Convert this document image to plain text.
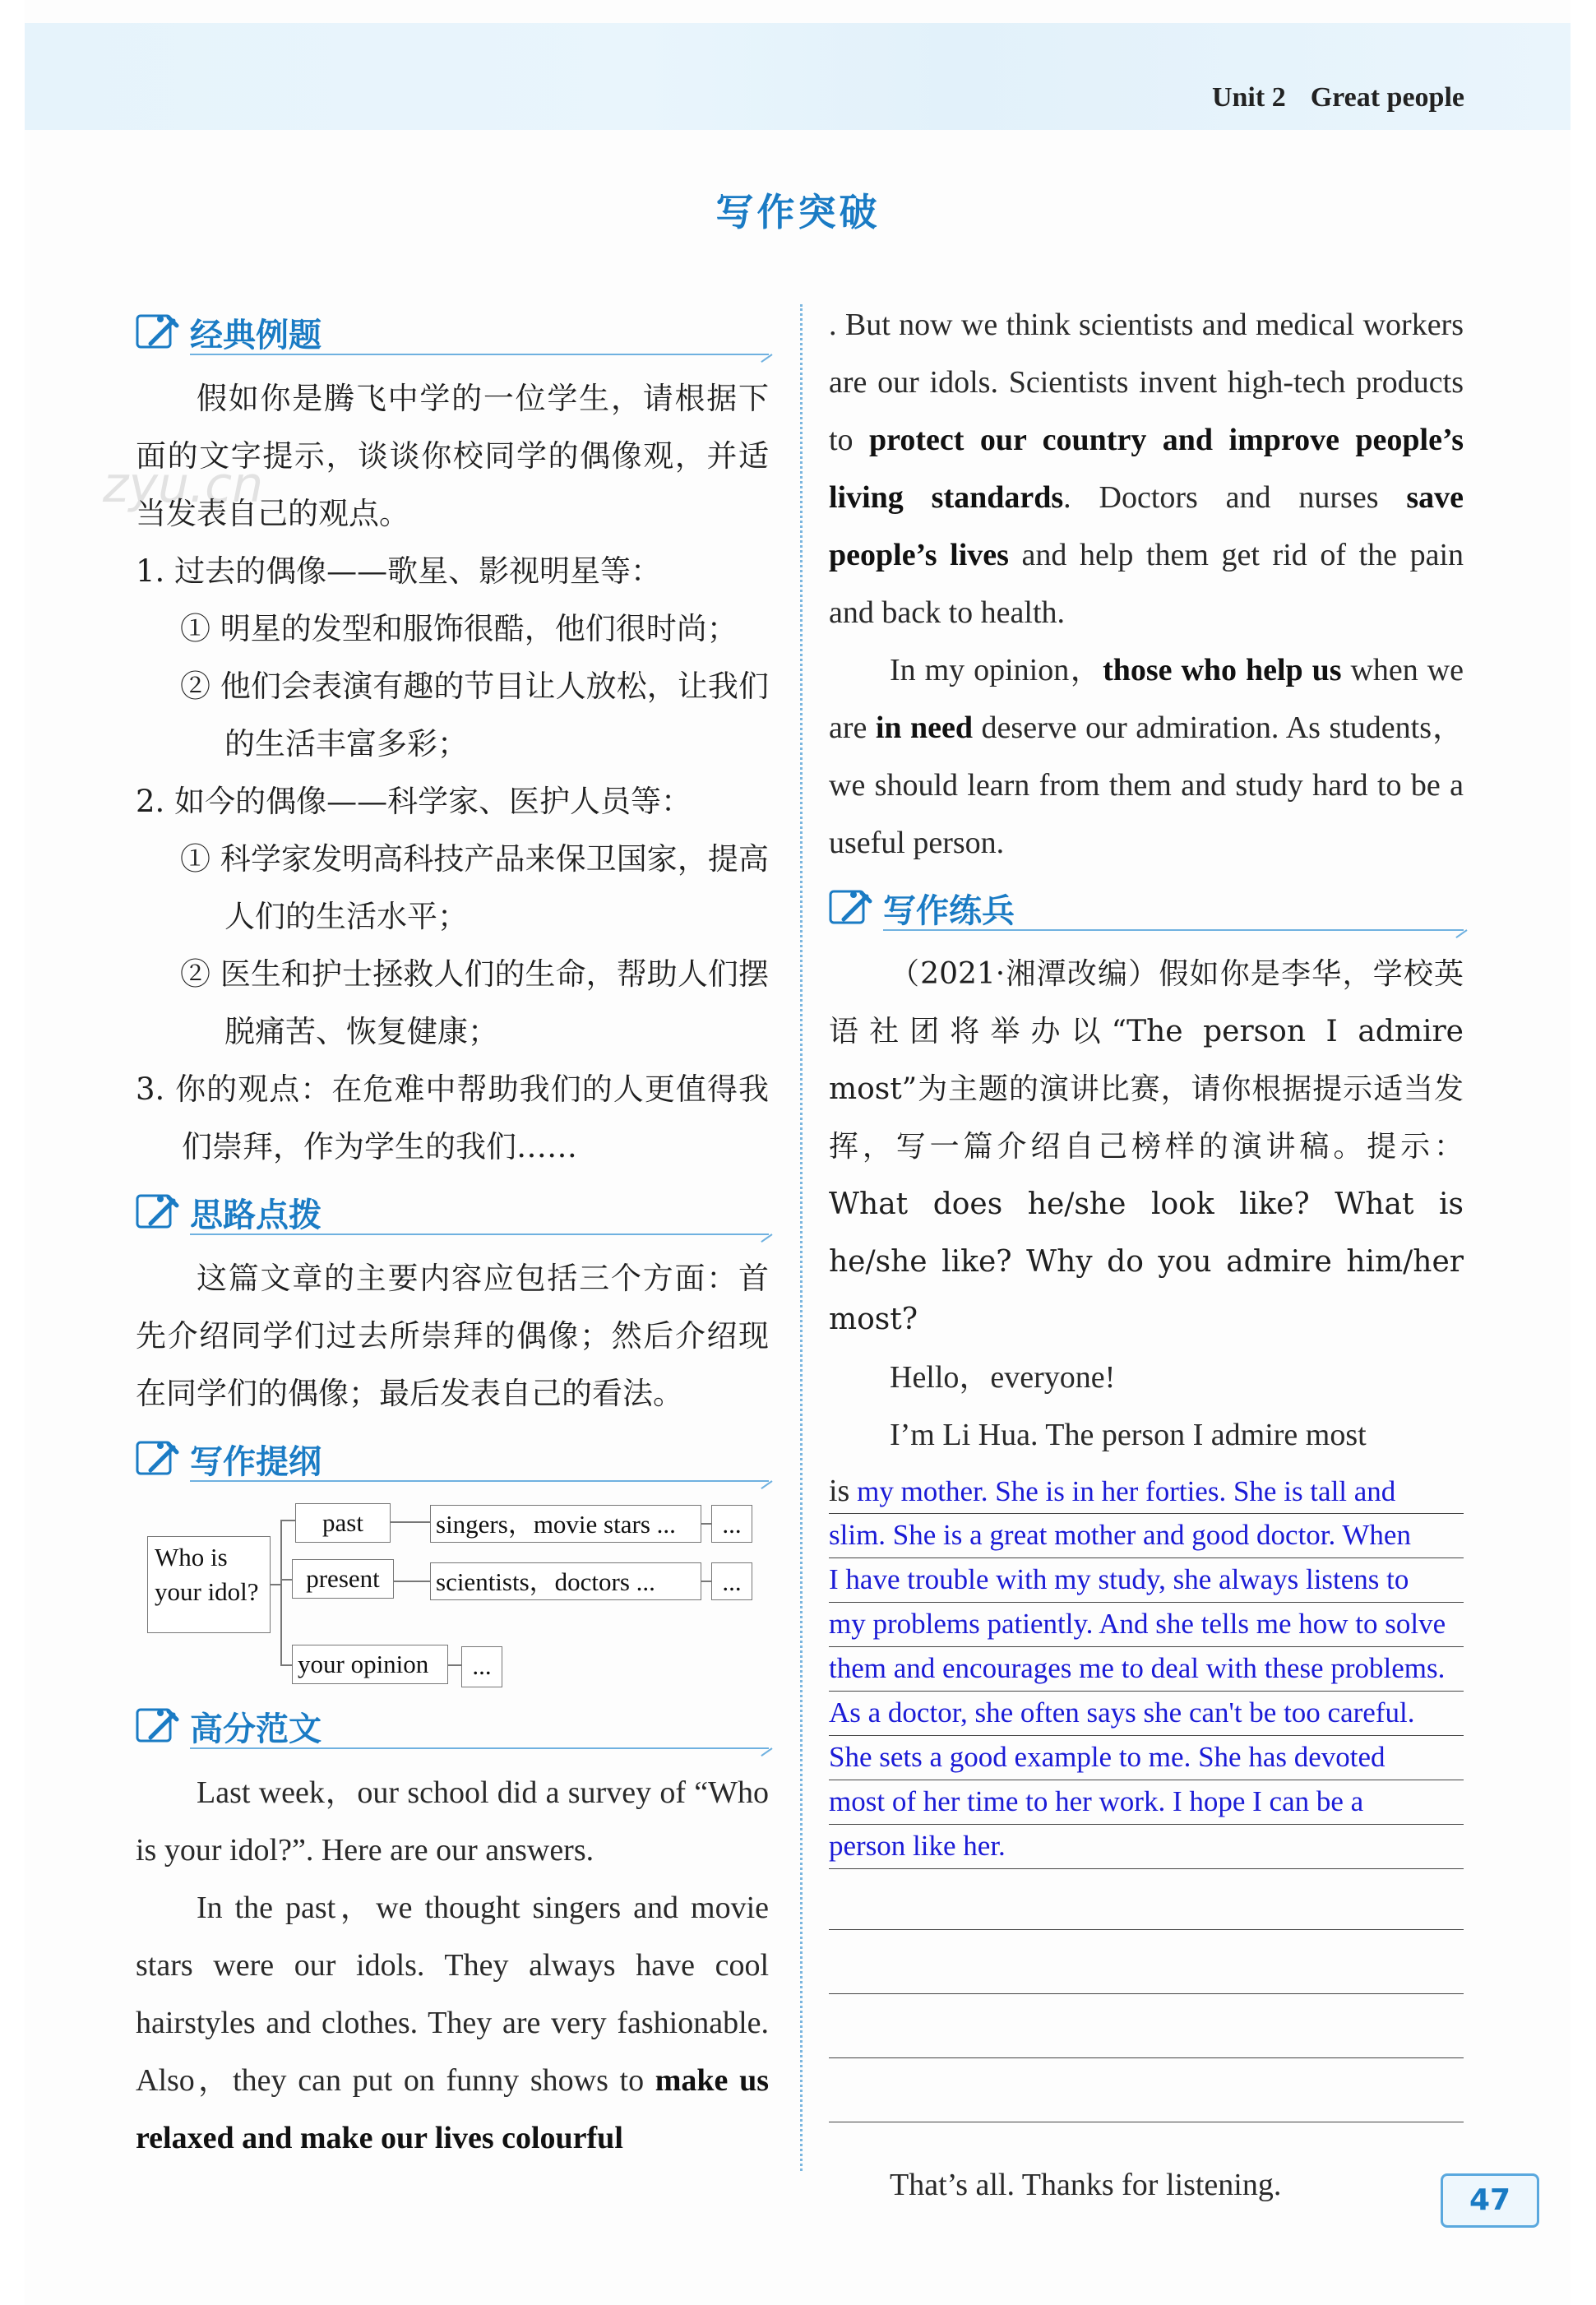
Unit 2 Great people
写作突破
zyu.cn
经典例题

假如你是腾飞中学的一位学生，请根据下面的文字提示，谈谈你校同学的偶像观，并适当发表自己的观点。

1. 过去的偶像——歌星、影视明星等：

① 明星的发型和服饰很酷，他们很时尚；

② 他们会表演有趣的节目让人放松，让我们的生活丰富多彩；

2. 如今的偶像——科学家、医护人员等：

① 科学家发明高科技产品来保卫国家，提高人们的生活水平；

② 医生和护士拯救人们的生命，帮助人们摆脱痛苦、恢复健康；

3. 你的观点：在危难中帮助我们的人更值得我们崇拜，作为学生的我们……

思路点拨

这篇文章的主要内容应包括三个方面：首先介绍同学们过去所崇拜的偶像；然后介绍现在同学们的偶像；最后发表自己的看法。

写作提纲
Who is your idol?
past	singers，movie stars ...	...
present	scientists，doctors ...	...
your opinion	...
高分范文

Last week，our school did a survey of “Who is your idol?”. Here are our answers.

In the past，we thought singers and movie stars were our idols. They always have cool hairstyles and clothes. They are very fashionable. Also，they can put on funny shows to make us relaxed and make our lives colourful

. But now we think scientists and medical workers are our idols. Scientists invent high-tech products to protect our country and improve people’s living standards. Doctors and nurses save people’s lives and help them get rid of the pain and back to health.

In my opinion，those who help us when we are in need deserve our admiration. As students，we should learn from them and study hard to be a useful person.

写作练兵

（2021·湘潭改编）假如你是李华，学校英语社团将举办以“The person I admire most”为主题的演讲比赛，请你根据提示适当发挥，写一篇介绍自己榜样的演讲稿。提示：What does he/she look like? What is he/she like? Why do you admire him/her most?

Hello，everyone!

I’m Li Hua. The person I admire most

is my mother. She is in her forties. She is tall and
slim. She is a great mother and good doctor. When
I have trouble with my study, she always listens to
my problems patiently. And she tells me how to solve
them and encourages me to deal with these problems.
As a doctor, she often says she can't be too careful.
She sets a good example to me. She has devoted
most of her time to her work. I hope I can be a
person like her.

That’s all. Thanks for listening.	47
